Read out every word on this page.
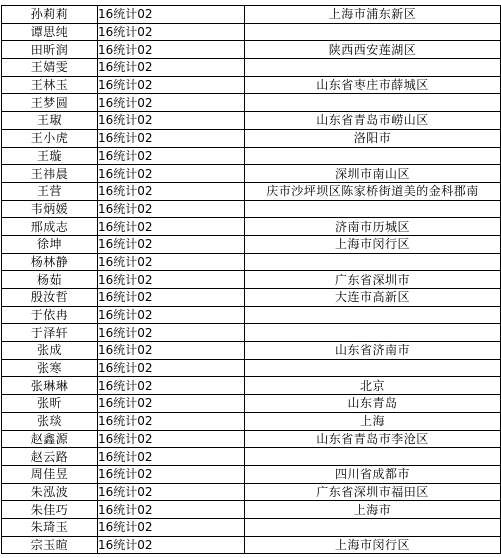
孙莉莉	16统计02	上海市浦东新区
谭思纯	16统计02	
田昕润	16统计02	陕西西安莲湖区
王婧雯	16统计02	
王林玉	16统计02	山东省枣庄市薛城区
王梦圆	16统计02	
王琡	16统计02	山东省青岛市崂山区
王小虎	16统计02	洛阳市
王璇	16统计02	
王祎晨	16统计02	深圳市南山区
王营	16统计02	庆市沙坪坝区陈家桥街道美的金科郡南
韦炳媛	16统计02	
邢成志	16统计02	济南市历城区
徐坤	16统计02	上海市闵行区
杨林静	16统计02	
杨茹	16统计02	广东省深圳市
殷汝哲	16统计02	大连市高新区
于依冉	16统计02	
于泽轩	16统计02	
张成	16统计02	山东省济南市
张寒	16统计02	
张琳琳	16统计02	北京
张昕	16统计02	山东青岛
张琰	16统计02	上海
赵鑫源	16统计02	山东省青岛市李沧区
赵云路	16统计02	
周佳昱	16统计02	四川省成都市
朱泓波	16统计02	广东省深圳市福田区
朱佳巧	16统计02	上海市
朱琦玉	16统计02	
宗玉暄	16统计02	上海市闵行区
